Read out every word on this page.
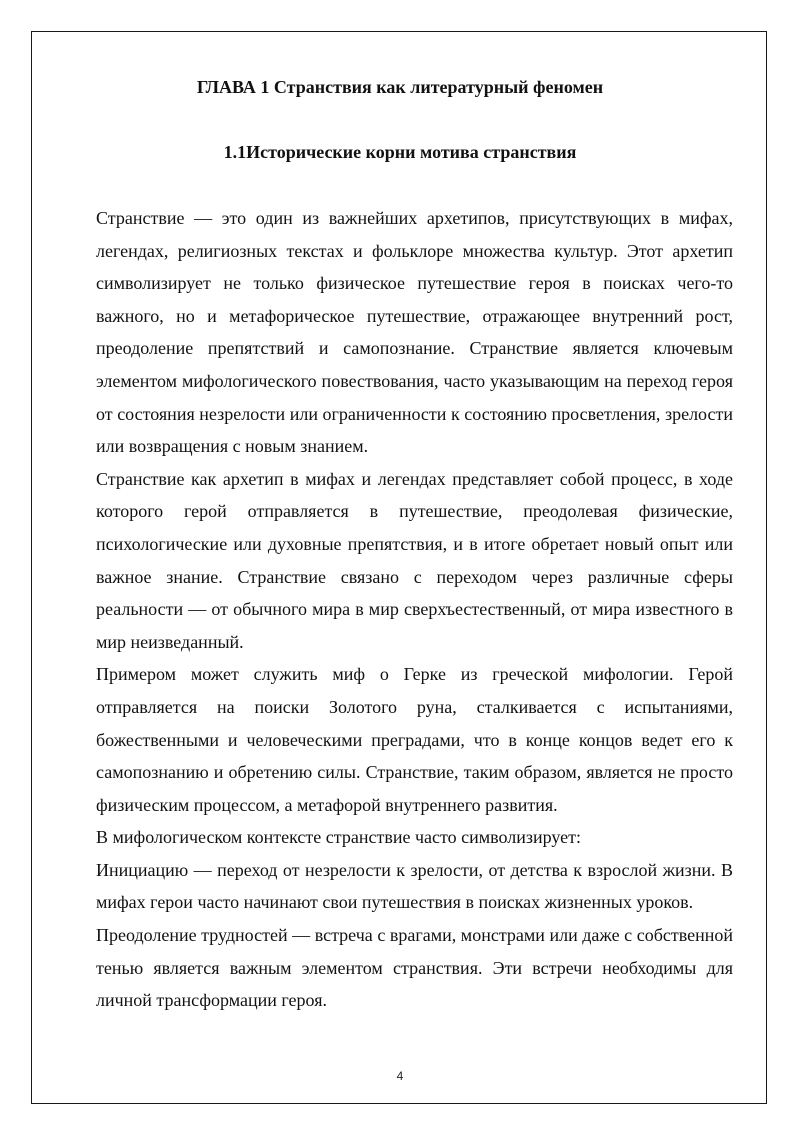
ГЛАВА 1 Странствия как литературный феномен
1.1Исторические корни мотива странствия

Странствие — это один из важнейших архетипов, присутствующих в мифах, легендах, религиозных текстах и фольклоре множества культур. Этот архетип символизирует не только физическое путешествие героя в поисках чего-то важного, но и метафорическое путешествие, отражающее внутренний рост, преодоление препятствий и самопознание. Странствие является ключевым элементом мифологического повествования, часто указывающим на переход героя от состояния незрелости или ограниченности к состоянию просветления, зрелости или возвращения с новым знанием.

Странствие как архетип в мифах и легендах представляет собой процесс, в ходе которого герой отправляется в путешествие, преодолевая физические, психологические или духовные препятствия, и в итоге обретает новый опыт или важное знание. Странствие связано с переходом через различные сферы реальности — от обычного мира в мир сверхъестественный, от мира известного в мир неизведанный.

Примером может служить миф о Герке из греческой мифологии. Герой отправляется на поиски Золотого руна, сталкивается с испытаниями, божественными и человеческими преградами, что в конце концов ведет его к самопознанию и обретению силы. Странствие, таким образом, является не просто физическим процессом, а метафорой внутреннего развития.

В мифологическом контексте странствие часто символизирует:

Инициацию — переход от незрелости к зрелости, от детства к взрослой жизни. В мифах герои часто начинают свои путешествия в поисках жизненных уроков.

Преодоление трудностей — встреча с врагами, монстрами или даже с собственной тенью является важным элементом странствия. Эти встречи необходимы для личной трансформации героя.

4
